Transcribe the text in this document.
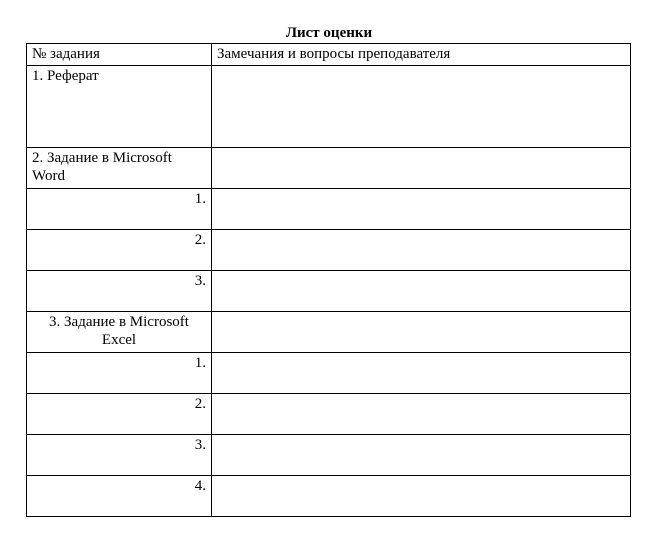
Лист оценки
№ задания	Замечания и вопросы преподавателя
1. Реферат	
2. Задание в Microsoft Word	
1.	
2.	
3.	
3. Задание в Microsoft Excel	
1.	
2.	
3.	
4.	
